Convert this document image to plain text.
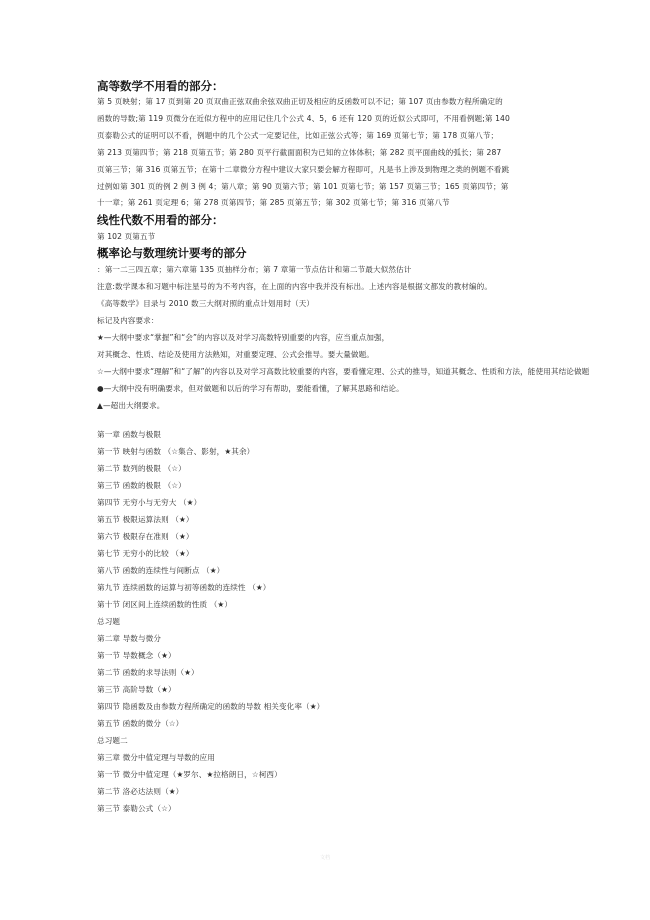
高等数学不用看的部分：
第 5 页映射；第 17 页到第 20 页双曲正弦双曲余弦双曲正切及相应的反函数可以不记；第 107 页由参数方程所确定的
函数的导数;第 119 页微分在近似方程中的应用记住几个公式 4、5，6 还有 120 页的近似公式即可，不用看例题;第 140
页泰勒公式的证明可以不看，例题中的几个公式一定要记住，比如正弦公式等；第 169 页第七节；第 178 页第八节；
第 213 页第四节；第 218 页第五节；第 280 页平行截面面积为已知的立体体积；第 282 页平面曲线的弧长；第 287
页第三节；第 316 页第五节；在第十二章微分方程中建议大家只要会解方程即可，凡是书上涉及到物理之类的例题不看跳
过例如第 301 页的例 2 例 3 例 4；第八章；第 90 页第六节；第 101 页第七节；第 157 页第三节；165 页第四节；第
十一章；第 261 页定理 6；第 278 页第四节；第 285 页第五节；第 302 页第七节；第 316 页第八节
线性代数不用看的部分：
第 102 页第五节
概率论与数理统计要考的部分
：第一二三四五章；第六章第 135 页抽样分布；第 7 章第一节点估计和第二节最大似然估计
注意:数学课本和习题中标注星号的为不考内容，在上面的内容中我并没有标出。上述内容是根据文都发的教材编的。
《高等数学》目录与 2010 数三大纲对照的重点计划用时（天）
标记及内容要求：
★—大纲中要求“掌握”和“会”的内容以及对学习高数特别重要的内容，应当重点加强，
对其概念、性质、结论及使用方法熟知，对重要定理、公式会推导。要大量做题。
☆—大纲中要求“理解”和“了解”的内容以及对学习高数比较重要的内容，要看懂定理、公式的推导，知道其概念、性质和方法，能使用其结论做题
●—大纲中没有明确要求，但对做题和以后的学习有帮助，要能看懂，了解其思路和结论。
▲—超出大纲要求。
第一章 函数与极限
第一节 映射与函数 （☆集合、影射，★其余）
第二节 数列的极限 （☆）
第三节 函数的极限 （☆）
第四节 无穷小与无穷大 （★）
第五节 极限运算法则 （★）
第六节 极限存在准则 （★）
第七节 无穷小的比较 （★）
第八节 函数的连续性与间断点 （★）
第九节 连续函数的运算与初等函数的连续性 （★）
第十节 闭区间上连续函数的性质 （★）
总习题
第二章 导数与微分
第一节 导数概念（★）
第二节 函数的求导法则（★）
第三节 高阶导数（★）
第四节 隐函数及由参数方程所确定的函数的导数 相关变化率（★）
第五节 函数的微分（☆）
总习题二
第三章 微分中值定理与导数的应用
第一节 微分中值定理（★罗尔、★拉格朗日，☆柯西）
第二节 洛必达法则（★）
第三节 泰勒公式（☆）
文档
